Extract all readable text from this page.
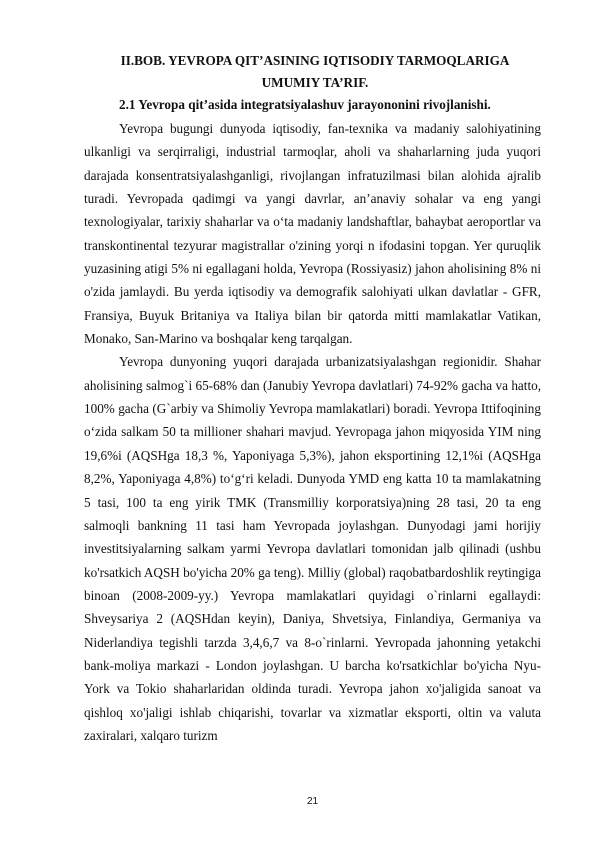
II.BOB. YEVROPA QIT’ASINING IQTISODIY TARMOQLARIGA
UMUMIY TA’RIF.
2.1 Yevropa qit’asida integratsiyalashuv jarayononini rivojlanishi.

Yevropa bugungi dunyoda iqtisodiy, fan-texnika va madaniy salohiyatining ulkanligi va serqirraligi, industrial tarmoqlar, aholi va shaharlarning juda yuqori darajada konsentratsiyalashganligi, rivojlangan infratuzilmasi bilan alohida ajralib turadi. Yevropada qadimgi va yangi davrlar, an’anaviy sohalar va eng yangi texnologiyalar, tarixiy shaharlar va o‘ta madaniy landshaftlar, bahaybat aeroportlar va transkontinental tezyurar magistrallar o'zining yorqi n ifodasini topgan. Yer quruqlik yuzasining atigi 5% ni egallagani holda, Yevropa (Rossiyasiz) jahon aholisining 8% ni o'zida jamlaydi. Bu yerda iqtisodiy va demografik salohiyati ulkan davlatlar - GFR, Fransiya, Buyuk Britaniya va Italiya bilan bir qatorda mitti mamlakatlar Vatikan, Monako, San-Marino va boshqalar keng tarqalgan.

Yevropa dunyoning yuqori darajada urbanizatsiyalashgan regionidir. Shahar aholisining salmog`i 65-68% dan (Janubiy Yevropa davlatlari) 74-92% gacha va hatto, 100% gacha (G`arbiy va Shimoliy Yevropa mamlakatlari) boradi. Yevropa Ittifoqining o‘zida salkam 50 ta millioner shahari mavjud. Yevropaga jahon miqyosida YIM ning 19,6%i (AQSHga 18,3 %, Yaponiyaga 5,3%), jahon eksportining 12,1%i (AQSHga 8,2%, Yaponiyaga 4,8%) to‘g‘ri keladi. Dunyoda YMD eng katta 10 ta mamlakatning 5 tasi, 100 ta eng yirik TMK (Transmilliy korporatsiya)ning 28 tasi, 20 ta eng salmoqli bankning 11 tasi ham Yevropada joylashgan. Dunyodagi jami horijiy investitsiyalarning salkam yarmi Yevropa davlatlari tomonidan jalb qilinadi (ushbu ko'rsatkich AQSH bo'yicha 20% ga teng). Milliy (global) raqobatbardoshlik reytingiga binoan (2008-2009-yy.) Yevropa mamlakatlari quyidagi o`rinlarni egallaydi: Shveysariya 2 (AQSHdan keyin), Daniya, Shvetsiya, Finlandiya, Germaniya va Niderlandiya tegishli tarzda 3,4,6,7 va 8-o`rinlarni. Yevropada jahonning yetakchi bank-moliya markazi - London joylashgan. U barcha ko'rsatkichlar bo'yicha Nyu-York va Tokio shaharlaridan oldinda turadi. Yevropa jahon xo'jaligida sanoat va qishloq xo'jaligi ishlab chiqarishi, tovarlar va xizmatlar eksporti, oltin va valuta zaxiralari, xalqaro turizm

21
